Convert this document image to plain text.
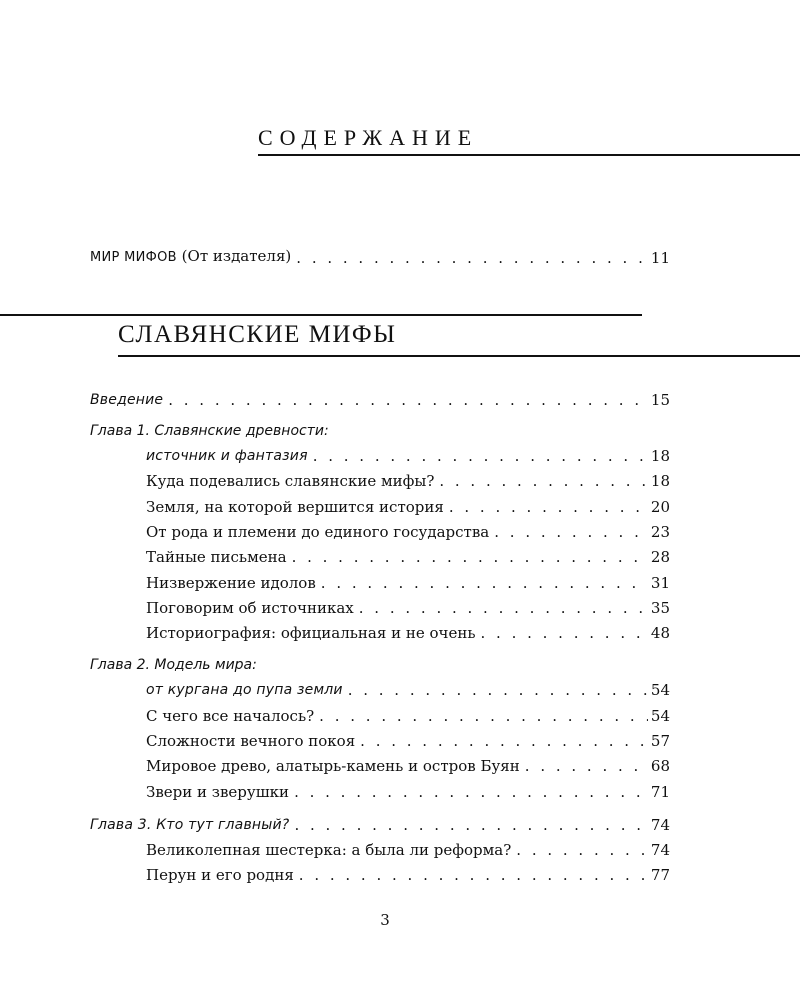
СОДЕРЖАНИЕ
МИР МИФОВ (От издателя) . . .	11
СЛАВЯНСКИЕ МИФЫ
Введение . . .	15
Глава 1. Славянские древности:
источник и фантазия . . .	18
Куда подевались славянские мифы? . . .	18
Земля, на которой вершится история . . .	20
От рода и племени до единого государства . . .	23
Тайные письмена . . .	28
Низвержение идолов . . .	31
Поговорим об источниках . . .	35
Историография: официальная и не очень . . .	48
Глава 2. Модель мира:
от кургана до пупа земли . . .	54
С чего все началось? . . .	54
Сложности вечного покоя . . .	57
Мировое древо, алатырь-камень и остров Буян . . .	68
Звери и зверушки . . .	71
Глава 3. Кто тут главный? . . .	74
Великолепная шестерка: а была ли реформа? . . .	74
Перун и его родня . . .	77
3
